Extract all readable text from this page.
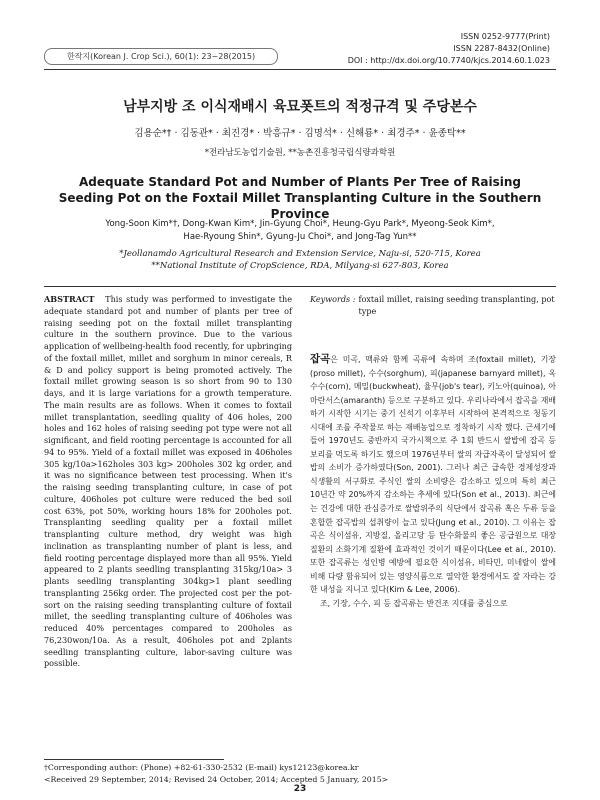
한작지(Korean J. Crop Sci.), 60(1): 23~28(2015)
ISSN 0252-9777(Print)
ISSN 2287-8432(Online)
DOI : http://dx.doi.org/10.7740/kjcs.2014.60.1.023
남부지방 조 이식재배시 육묘폿트의 적정규격 및 주당본수
김용순*† · 김동관* · 최진경* · 박흥규* · 김명석* · 신해룡* · 최경주* · 윤종탁**
*전라남도농업기술원, **농촌진흥청국립식량과학원
Adequate Standard Pot and Number of Plants Per Tree of Raising Seeding Pot on the Foxtail Millet Transplanting Culture in the Southern Province
Yong-Soon Kim*†, Dong-Kwan Kim*, Jin-Gyung Choi*, Heung-Gyu Park*, Myeong-Seok Kim*,
Hae-Ryoung Shin*, Gyung-Ju Choi*, and Jong-Tag Yun**
*Jeollanamdo Agricultural Research and Extension Service, Naju-si, 520-715, Korea
**National Institute of CropScience, RDA, Milyang-si 627-803, Korea
ABSTRACT This study was performed to investigate the adequate standard pot and number of plants per tree of raising seeding pot on the foxtail millet transplanting culture in the southern province. Due to the various application of wellbeing-health food recently, for upbringing of the foxtail millet, millet and sorghum in minor cereals, R & D and policy support is being promoted actively. The foxtail millet growing season is so short from 90 to 130 days, and it is large variations for a growth temperature. The main results are as follows. When it comes to foxtail millet transplantation, seedling quality of 406 holes, 200 holes and 162 holes of raising seeding pot type were not all significant, and field rooting percentage is accounted for all 94 to 95%. Yield of a foxtail millet was exposed in 406holes 305 kg/10a>162holes 303 kg> 200holes 302 kg order, and it was no significance between test processing. When it's the raising seeding transplanting culture, in case of pot culture, 406holes pot culture were reduced the bed soil cost 63%, pot 50%, working hours 18% for 200holes pot. Transplanting seedling quality per a foxtail millet transplanting culture method, dry weight was high inclination as transplanting number of plant is less, and field rooting percentage displayed more than all 95%. Yield appeared to 2 plants seedling transplanting 315kg/10a> 3 plants seedling transplanting 304kg>1 plant seedling transplanting 256kg order. The projected cost per the pot-sort on the raising seeding transplanting culture of foxtail millet, the seedling transplanting culture of 406holes was reduced 40% percentages compared to 200holes as 76,230won/10a. As a result, 406holes pot and 2plants seedling transplanting culture, labor-saving culture was possible.
Keywords : foxtail millet, raising seeding transplanting, pot type

잡곡은 미곡, 맥류와 함께 곡류에 속하며 조(foxtail millet), 기장(proso millet), 수수(sorghum), 피(japanese barnyard millet), 옥수수(corn), 메밀(buckwheat), 율무(job's tear), 키노아(quinoa), 아마란서스(amaranth) 등으로 구분하고 있다. 우리나라에서 잡곡을 재배하기 시작한 시기는 중기 신석기 이후부터 시작하여 본격적으로 청동기 시대에 조를 주작물로 하는 재배농업으로 정착하기 시작 했다. 근세기에 들어 1970년도 중반까지 국가시책으로 주 1회 반드시 쌀밥에 잡곡 등 보리를 먹도록 하기도 했으며 1976년부터 쌀의 자급자족이 달성되어 쌀밥의 소비가 증가하였다(Son, 2001). 그러나 최근 급속한 경제성장과 식생활의 서구화로 주식인 쌀의 소비량은 감소하고 있으며 특히 최근 10년간 약 20%까지 감소하는 추세에 있다(Son et al., 2013). 최근에는 건강에 대한 관심증가로 쌀밥위주의 식단에서 잡곡류 혹은 두류 등을 혼합한 잡곡밥의 섭취량이 늘고 있다(Jung et al., 2010). 그 이유는 잡곡은 식이섬유, 지방질, 올리고당 등 탄수화물의 좋은 공급원으로 대장질환의 소화기계 질환에 효과적인 것이기 때문이다(Lee et al., 2010). 또한 잡곡류는 성인병 예방에 필요한 식이섬유, 비타민, 미네랄이 쌀에 비해 다량 함유되어 있는 영양식품으로 열악한 환경에서도 잘 자라는 강한 내성을 지니고 있다(Kim & Lee, 2006).

조, 기장, 수수, 피 등 잡곡류는 반건조 지대를 중심으로

†Corresponding author: (Phone) +82-61-330-2532 (E-mail) kys12123@korea.kr
<Received 29 September, 2014; Revised 24 October, 2014; Accepted 5 January, 2015>
23
